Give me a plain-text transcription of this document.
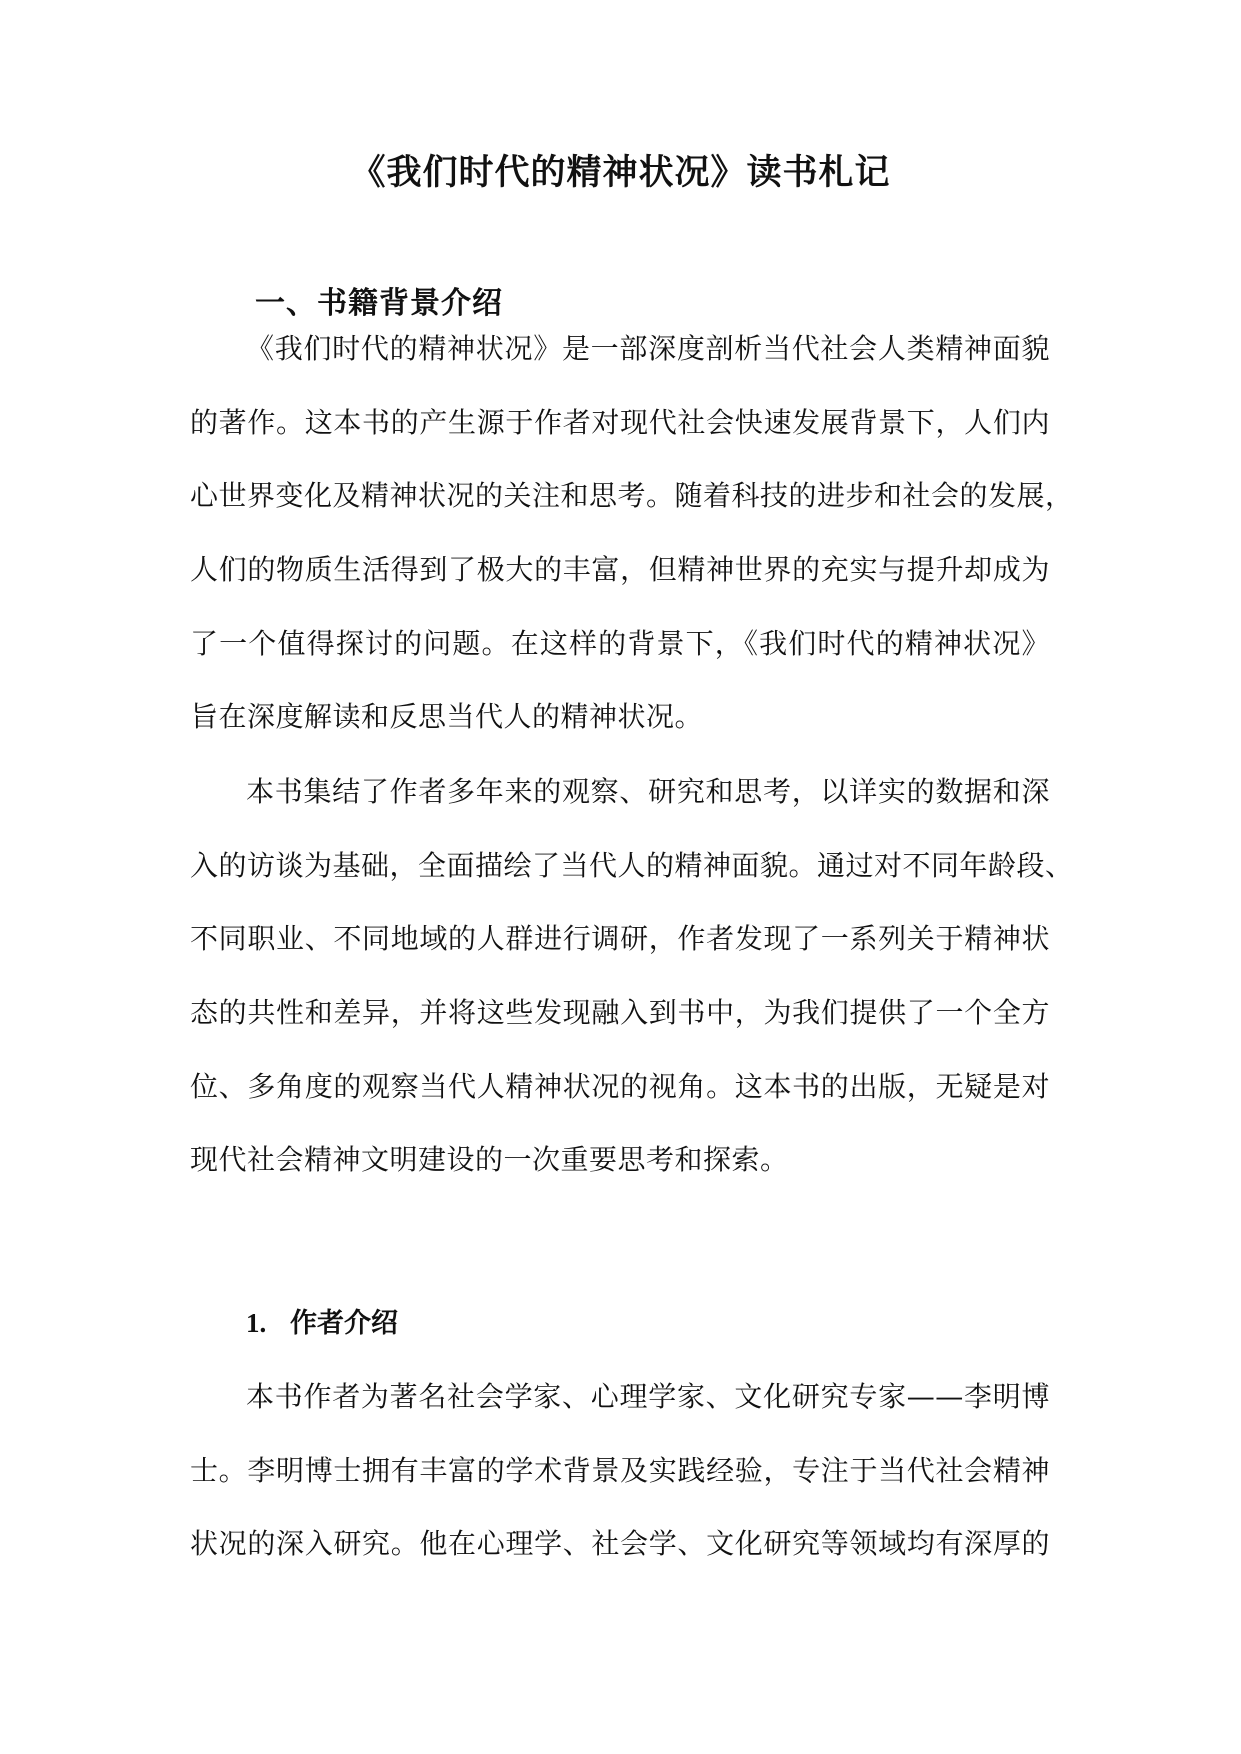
《我们时代的精神状况》读书札记
一、书籍背景介绍
《我们时代的精神状况》是一部深度剖析当代社会人类精神面貌
的著作。这本书的产生源于作者对现代社会快速发展背景下，人们内
心世界变化及精神状况的关注和思考。随着科技的进步和社会的发展，
人们的物质生活得到了极大的丰富，但精神世界的充实与提升却成为
了一个值得探讨的问题。在这样的背景下，《我们时代的精神状况》
旨在深度解读和反思当代人的精神状况。
本书集结了作者多年来的观察、研究和思考，以详实的数据和深
入的访谈为基础，全面描绘了当代人的精神面貌。通过对不同年龄段、
不同职业、不同地域的人群进行调研，作者发现了一系列关于精神状
态的共性和差异，并将这些发现融入到书中，为我们提供了一个全方
位、多角度的观察当代人精神状况的视角。这本书的出版，无疑是对
现代社会精神文明建设的一次重要思考和探索。
1. 作者介绍
本书作者为著名社会学家、心理学家、文化研究专家——李明博
士。李明博士拥有丰富的学术背景及实践经验，专注于当代社会精神
状况的深入研究。他在心理学、社会学、文化研究等领域均有深厚的
